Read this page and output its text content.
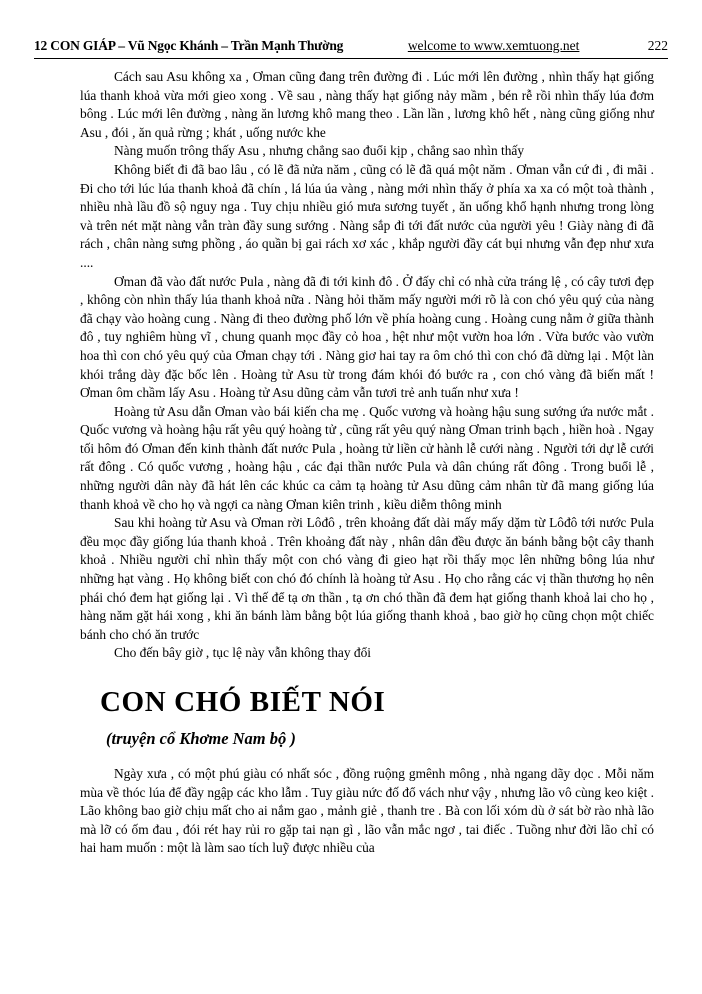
12 CON GIÁP – Vũ Ngọc Khánh – Trần Mạnh Thường	welcome to www.xemtuong.net	222

Cách sau Asu không xa , Ơman cũng đang trên đường đi . Lúc mới lên đường , nhìn thấy hạt giống lúa thanh khoả vừa mới gieo xong . Về sau , nàng thấy hạt giống nảy mầm , bén rễ rồi nhìn thấy lúa đơm bông . Lúc mới lên đường , nàng ăn lương khô mang theo . Lần lần , lương khô hết , nàng cũng giống như Asu , đói , ăn quả rừng ; khát , uống nước khe

Nàng muốn trông thấy Asu , nhưng chẳng sao đuổi kịp , chẳng sao nhìn thấy

Không biết đi đã bao lâu , có lẽ đã nửa năm , cũng có lẽ đã quá một năm . Ơman vẫn cứ đi , đi mãi . Đi cho tới lúc lúa thanh khoả đã chín , lá lúa úa vàng , nàng mới nhìn thấy ở phía xa xa có một toà thành , nhiều nhà lầu đồ sộ nguy nga . Tuy chịu nhiều gió mưa sương tuyết , ăn uống khổ hạnh nhưng trong lòng và trên nét mặt nàng vẫn tràn đầy sung sướng . Nàng sắp đi tới đất nước của người yêu ! Giày nàng đi đã rách , chân nàng sưng phồng , áo quần bị gai rách xơ xác , khắp người đầy cát bụi nhưng vẫn đẹp như xưa ....

Ơman đã vào đất nước Pula , nàng đã đi tới kinh đô . Ở đấy chỉ có nhà cửa tráng lệ , có cây tươi đẹp , không còn nhìn thấy lúa thanh khoả nữa . Nàng hỏi thăm mấy người mới rõ là con chó yêu quý của nàng đã chạy vào hoàng cung . Nàng đi theo đường phố lớn về phía hoàng cung . Hoàng cung nằm ở giữa thành đô , tuy nghiêm hùng vĩ , chung quanh mọc đầy cỏ hoa , hệt như một vườn hoa lớn . Vừa bước vào vườn hoa thì con chó yêu quý của Ơman chạy tới . Nàng giơ hai tay ra ôm chó thì con chó đã dừng lại . Một làn khói trắng dày đặc bốc lên . Hoàng tử Asu từ trong đám khói đó bước ra , con chó vàng đã biến mất ! Ơman ôm chầm lấy Asu . Hoàng tử Asu dũng cảm vẫn tươi trẻ anh tuấn như xưa !

Hoàng tử Asu dẫn Ơman vào bái kiến cha mẹ . Quốc vương và hoàng hậu sung sướng ứa nước mắt . Quốc vương và hoàng hậu rất yêu quý hoàng tử , cũng rất yêu quý nàng Ơman trinh bạch , hiền hoà . Ngay tối hôm đó Ơman đến kinh thành đất nước Pula , hoàng tử liền cử hành lễ cưới nàng . Người tới dự lễ cưới rất đông . Có quốc vương , hoàng hậu , các đại thần nước Pula và dân chúng rất đông . Trong buổi lễ , những người dân này đã hát lên các khúc ca cảm tạ hoàng tử Asu dũng cảm nhân từ đã mang giống lúa thanh khoả về cho họ và ngợi ca nàng Ơman kiên trinh , kiều diễm thông minh

Sau khi hoàng tử Asu và Ơman rời Lôđô , trên khoảng đất dài mấy mấy dặm từ Lôđô tới nước Pula đều mọc đầy giống lúa thanh khoả . Trên khoảng đất này , nhân dân đều được ăn bánh bằng bột cây thanh khoả . Nhiều người chỉ nhìn thấy một con chó vàng đi gieo hạt rồi thấy mọc lên những bông lúa như những hạt vàng . Họ không biết con chó đó chính là hoàng tử Asu . Họ cho rằng các vị thần thương họ nên phái chó đem hạt giống lại . Vì thế để tạ ơn thần , tạ ơn chó thần đã đem hạt giống thanh khoả lai cho họ , hàng năm gặt hái xong , khi ăn bánh làm bằng bột lúa giống thanh khoả , bao giờ họ cũng chọn một chiếc bánh cho chó ăn trước

Cho đến bây giờ , tục lệ này vẫn không thay đổi

CON CHÓ BIẾT NÓI
(truyện cổ Khơme Nam bộ )

Ngày xưa , có một phú giàu có nhất sóc , đồng ruộng gmênh mông , nhà ngang dãy dọc . Mỗi năm mùa về thóc lúa để đầy ngập các kho lẫm . Tuy giàu nức đố đổ vách như vậy , nhưng lão vô cùng keo kiệt . Lão không bao giờ chịu mất cho ai nắm gao , mảnh giẻ , thanh tre . Bà con lối xóm dù ở sát bờ rào nhà lão mà lỡ có ốm đau , đói rét hay rủi ro gặp tai nạn gì , lão vẫn mắc ngơ , tai điếc . Tuồng như đời lão chỉ có hai ham muốn : một là làm sao tích luỹ được nhiều của
